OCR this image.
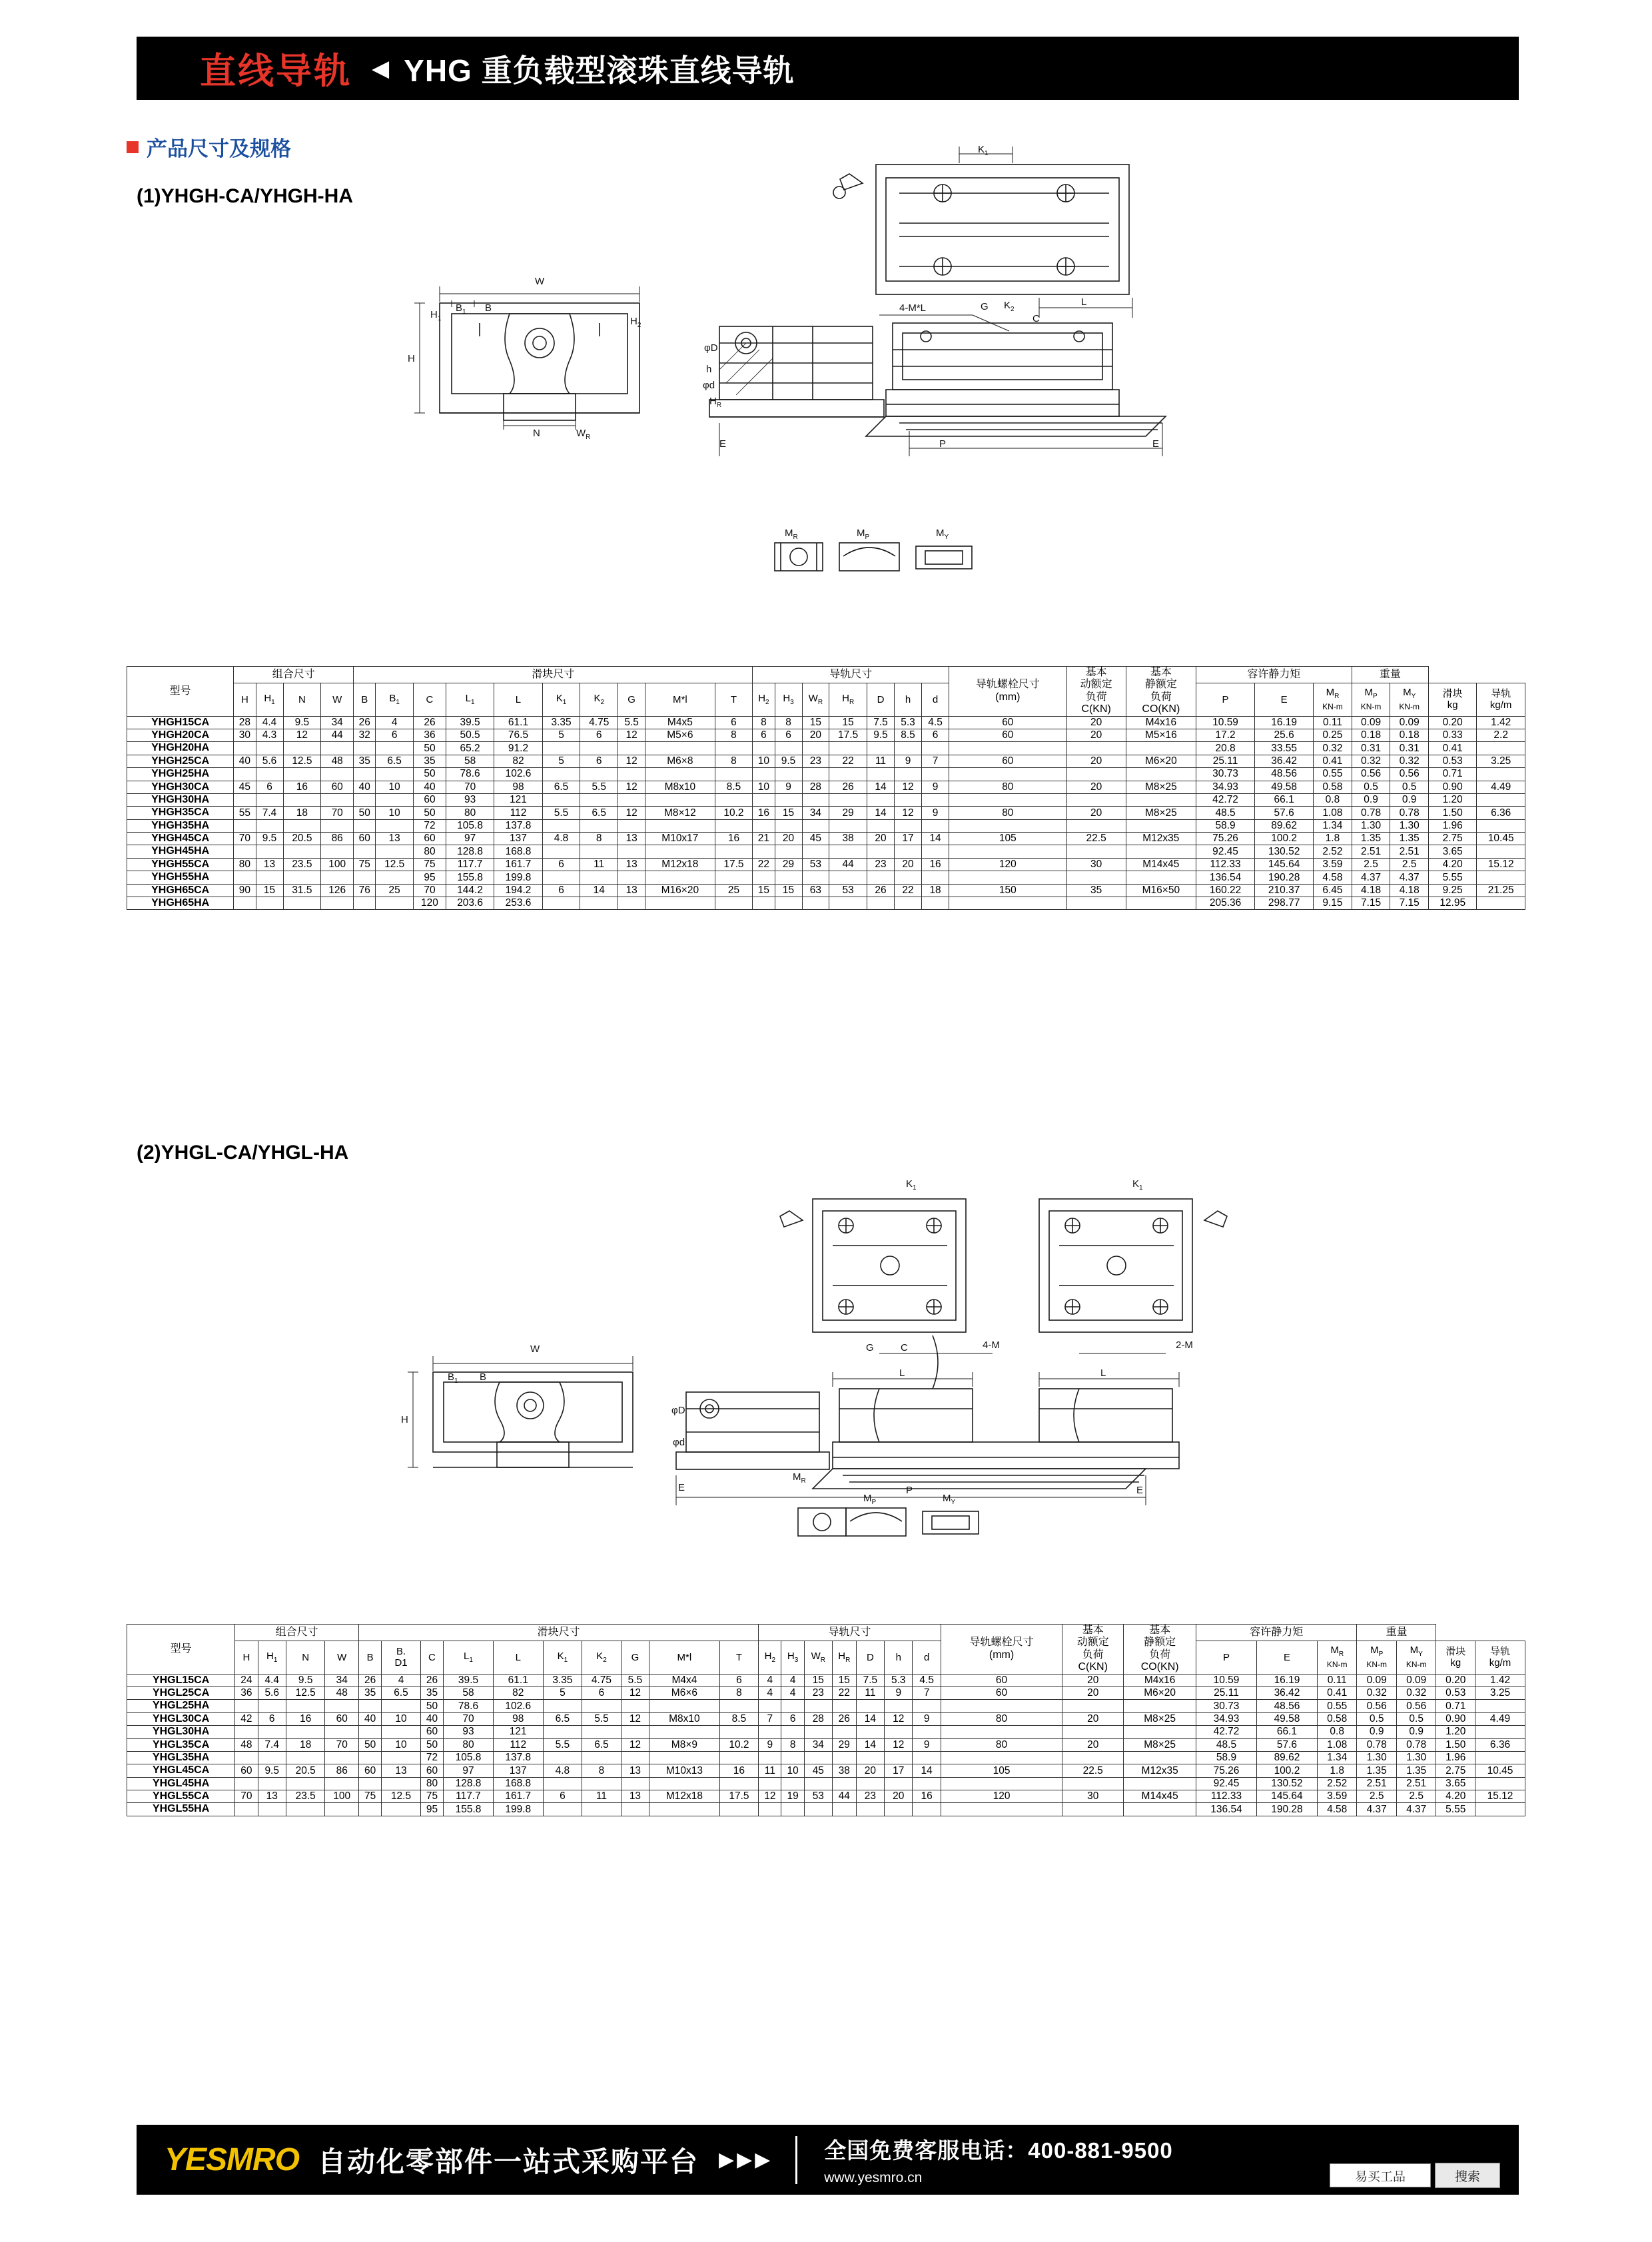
直线导轨 ◀ YHG 重负载型滚珠直线导轨
产品尺寸及规格
(1)YHGH-CA/YHGH-HA
(2)YHGL-CA/YHGL-HA
$K_1$
W
$B_1$ B
H
N	$W_R$
$H_1$	$H_2$
φD
φd
h
$H_R$
E	P	E
L
C
$K_2$
G
4-M*L
$M_R$	$M_P$	$M_Y$
型号	组合尺寸				滑块尺寸										导轨尺寸							导轨螺栓尺寸
(mm)	基本
动额定
负荷
C(KN)	基本
静额定
负荷
CO(KN)	容许静力矩			重量			
	H	$H_1$	N	W	B	$B_1$	C	$L_1$	L	$K_1$	$K_2$	G	M*l	T	$H_2$	$H_3$	$W_R$	$H_R$	D	h	d				P	E	$M_R$
KN-m	$M_P$
KN-m	$M_Y$
KN-m	滑块
kg	导轨
kg/m
YHGH15CA	28	4.4	9.5	34	26	4	26	39.5	61.1	3.35	4.75	5.5	M4x5	6	8	8	15	15	7.5	5.3	4.5	60	20	M4x16	10.59	16.19	0.11	0.09	0.09	0.20	1.42
YHGH20CA	30	4.3	12	44	32	6	36	50.5	76.5	5	6	12	M5×6	8	6	6	20	17.5	9.5	8.5	6	60	20	M5×16	17.2	25.6	0.25	0.18	0.18	0.33	2.2
YHGH20HA							50	65.2	91.2																20.8	33.55	0.32	0.31	0.31	0.41	
YHGH25CA	40	5.6	12.5	48	35	6.5	35	58	82	5	6	12	M6×8	8	10	9.5	23	22	11	9	7	60	20	M6×20	25.11	36.42	0.41	0.32	0.32	0.53	3.25
YHGH25HA							50	78.6	102.6																30.73	48.56	0.55	0.56	0.56	0.71	
YHGH30CA	45	6	16	60	40	10	40	70	98	6.5	5.5	12	M8x10	8.5	10	9	28	26	14	12	9	80	20	M8×25	34.93	49.58	0.58	0.5	0.5	0.90	4.49
YHGH30HA							60	93	121																42.72	66.1	0.8	0.9	0.9	1.20	
YHGH35CA	55	7.4	18	70	50	10	50	80	112	5.5	6.5	12	M8×12	10.2	16	15	34	29	14	12	9	80	20	M8×25	48.5	57.6	1.08	0.78	0.78	1.50	6.36
YHGH35HA							72	105.8	137.8																58.9	89.62	1.34	1.30	1.30	1.96	
YHGH45CA	70	9.5	20.5	86	60	13	60	97	137	4.8	8	13	M10x17	16	21	20	45	38	20	17	14	105	22.5	M12x35	75.26	100.2	1.8	1.35	1.35	2.75	10.45
YHGH45HA							80	128.8	168.8																92.45	130.52	2.52	2.51	2.51	3.65	
YHGH55CA	80	13	23.5	100	75	12.5	75	117.7	161.7	6	11	13	M12x18	17.5	22	29	53	44	23	20	16	120	30	M14x45	112.33	145.64	3.59	2.5	2.5	4.20	15.12
YHGH55HA							95	155.8	199.8																136.54	190.28	4.58	4.37	4.37	5.55	
YHGH65CA	90	15	31.5	126	76	25	70	144.2	194.2	6	14	13	M16×20	25	15	15	63	53	26	22	18	150	35	M16×50	160.22	210.37	6.45	4.18	4.18	9.25	21.25
YHGH65HA							120	203.6	253.6																205.36	298.77	9.15	7.15	7.15	12.95	
$K_1$	$K_1$
W
$B_1$ B
H
φD
φd
E	P	E
L	L
G	C	4-M	2-M
$M_R$
$M_P$	$M_Y$
型号	组合尺寸				滑块尺寸										导轨尺寸							导轨螺栓尺寸
(mm)	基本
动额定
负荷
C(KN)	基本
静额定
负荷
CO(KN)	容许静力矩			重量			
	H	$H_1$	N	W	B	B.
D1	C	$L_1$	L	$K_1$	$K_2$	G	M*l	T	$H_2$	$H_3$	$W_R$	$H_R$	D	h	d				P	E	$M_R$
KN-m	$M_P$
KN-m	$M_Y$
KN-m	滑块
kg	导轨
kg/m
YHGL15CA	24	4.4	9.5	34	26	4	26	39.5	61.1	3.35	4.75	5.5	M4x4	6	4	4	15	15	7.5	5.3	4.5	60	20	M4x16	10.59	16.19	0.11	0.09	0.09	0.20	1.42
YHGL25CA	36	5.6	12.5	48	35	6.5	35	58	82	5	6	12	M6×6	8	4	4	23	22	11	9	7	60	20	M6×20	25.11	36.42	0.41	0.32	0.32	0.53	3.25
YHGL25HA							50	78.6	102.6																30.73	48.56	0.55	0.56	0.56	0.71	
YHGL30CA	42	6	16	60	40	10	40	70	98	6.5	5.5	12	M8x10	8.5	7	6	28	26	14	12	9	80	20	M8×25	34.93	49.58	0.58	0.5	0.5	0.90	4.49
YHGL30HA							60	93	121																42.72	66.1	0.8	0.9	0.9	1.20	
YHGL35CA	48	7.4	18	70	50	10	50	80	112	5.5	6.5	12	M8×9	10.2	9	8	34	29	14	12	9	80	20	M8×25	48.5	57.6	1.08	0.78	0.78	1.50	6.36
YHGL35HA							72	105.8	137.8																58.9	89.62	1.34	1.30	1.30	1.96	
YHGL45CA	60	9.5	20.5	86	60	13	60	97	137	4.8	8	13	M10x13	16	11	10	45	38	20	17	14	105	22.5	M12x35	75.26	100.2	1.8	1.35	1.35	2.75	10.45
YHGL45HA							80	128.8	168.8																92.45	130.52	2.52	2.51	2.51	3.65	
YHGL55CA	70	13	23.5	100	75	12.5	75	117.7	161.7	6	11	13	M12x18	17.5	12	19	53	44	23	20	16	120	30	M14x45	112.33	145.64	3.59	2.5	2.5	4.20	15.12
YHGL55HA							95	155.8	199.8																136.54	190.28	4.58	4.37	4.37	5.55	
YESMRO 自动化零部件一站式采购平台 ▶▶▶ 全国免费客服电话：400-881-9500
www.yesmro.cn	易买工品	搜索
